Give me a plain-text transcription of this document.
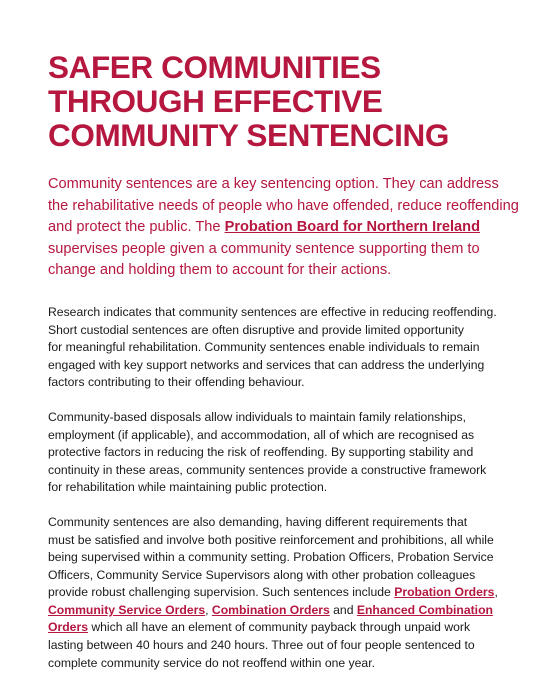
SAFER COMMUNITIES
THROUGH EFFECTIVE
COMMUNITY SENTENCING

Community sentences are a key sentencing option. They can address
the rehabilitative needs of people who have offended, reduce reoffending
and protect the public. The Probation Board for Northern Ireland
supervises people given a community sentence supporting them to
change and holding them to account for their actions.

Research indicates that community sentences are effective in reducing reoffending.
Short custodial sentences are often disruptive and provide limited opportunity
for meaningful rehabilitation. Community sentences enable individuals to remain
engaged with key support networks and services that can address the underlying
factors contributing to their offending behaviour.

Community-based disposals allow individuals to maintain family relationships,
employment (if applicable), and accommodation, all of which are recognised as
protective factors in reducing the risk of reoffending. By supporting stability and
continuity in these areas, community sentences provide a constructive framework
for rehabilitation while maintaining public protection.

Community sentences are also demanding, having different requirements that
must be satisfied and involve both positive reinforcement and prohibitions, all while
being supervised within a community setting. Probation Officers, Probation Service
Officers, Community Service Supervisors along with other probation colleagues
provide robust challenging supervision. Such sentences include Probation Orders,
Community Service Orders, Combination Orders and Enhanced Combination
Orders which all have an element of community payback through unpaid work
lasting between 40 hours and 240 hours. Three out of four people sentenced to
complete community service do not reoffend within one year.
